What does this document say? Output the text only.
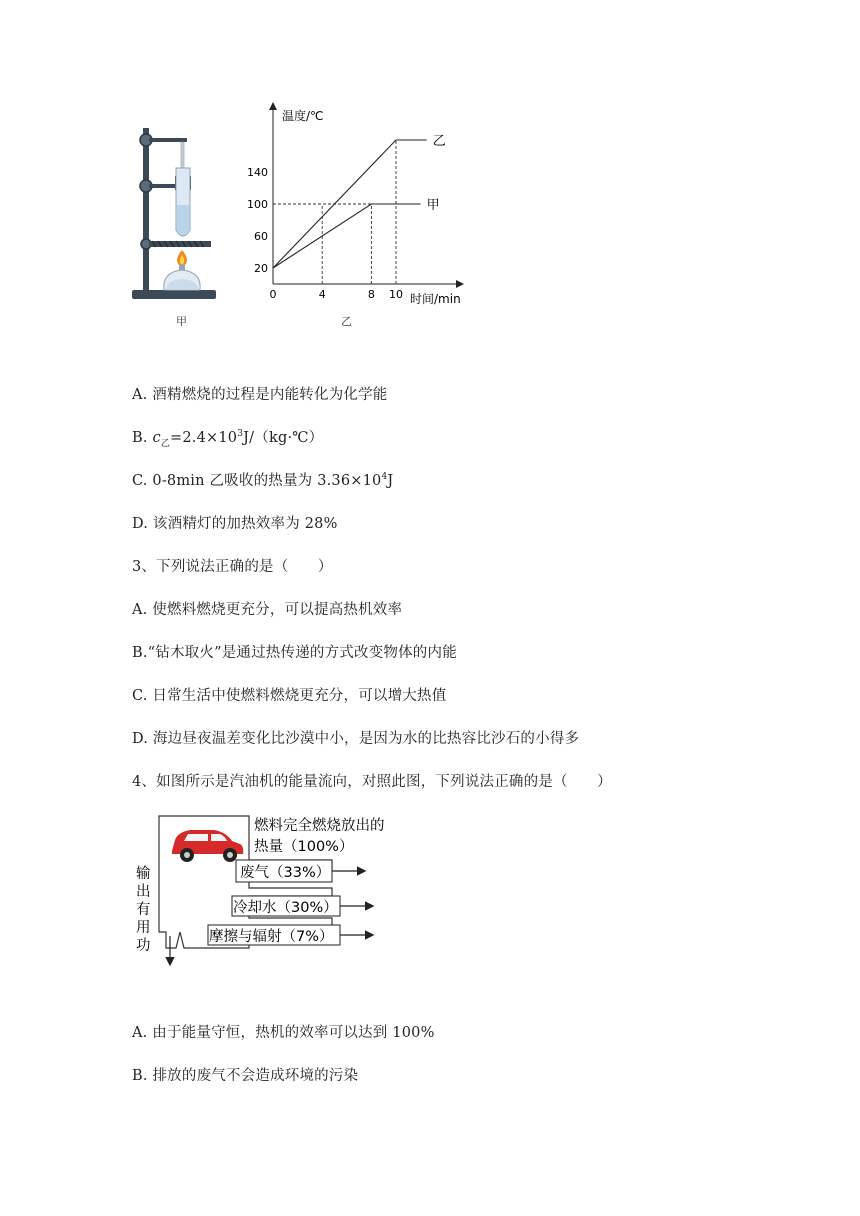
甲
温度/℃
时间/min
20
60
100
140
0	4	8 10
乙
甲
乙
A. 酒精燃烧的过程是内能转化为化学能
B. $c_乙=2.4\times 10^3J/(kg\cdot℃)$
C. 0-8min 乙吸收的热量为 $3.36\times 10^4J$
D. 该酒精灯的加热效率为 28%
3、下列说法正确的是（　　）
A. 使燃料燃烧更充分，可以提高热机效率
B.“钻木取火”是通过热传递的方式改变物体的内能
C. 日常生活中使燃料燃烧更充分，可以增大热值
D. 海边昼夜温差变化比沙漠中小，是因为水的比热容比沙石的小得多
4、如图所示是汽油机的能量流向，对照此图，下列说法正确的是（　　）
燃料完全燃烧放出的
热量（100%）
废气（33%）
冷却水（30%）
摩擦与辐射（7%）
输
出
有
用
功
A. 由于能量守恒，热机的效率可以达到 100%
B. 排放的废气不会造成环境的污染
